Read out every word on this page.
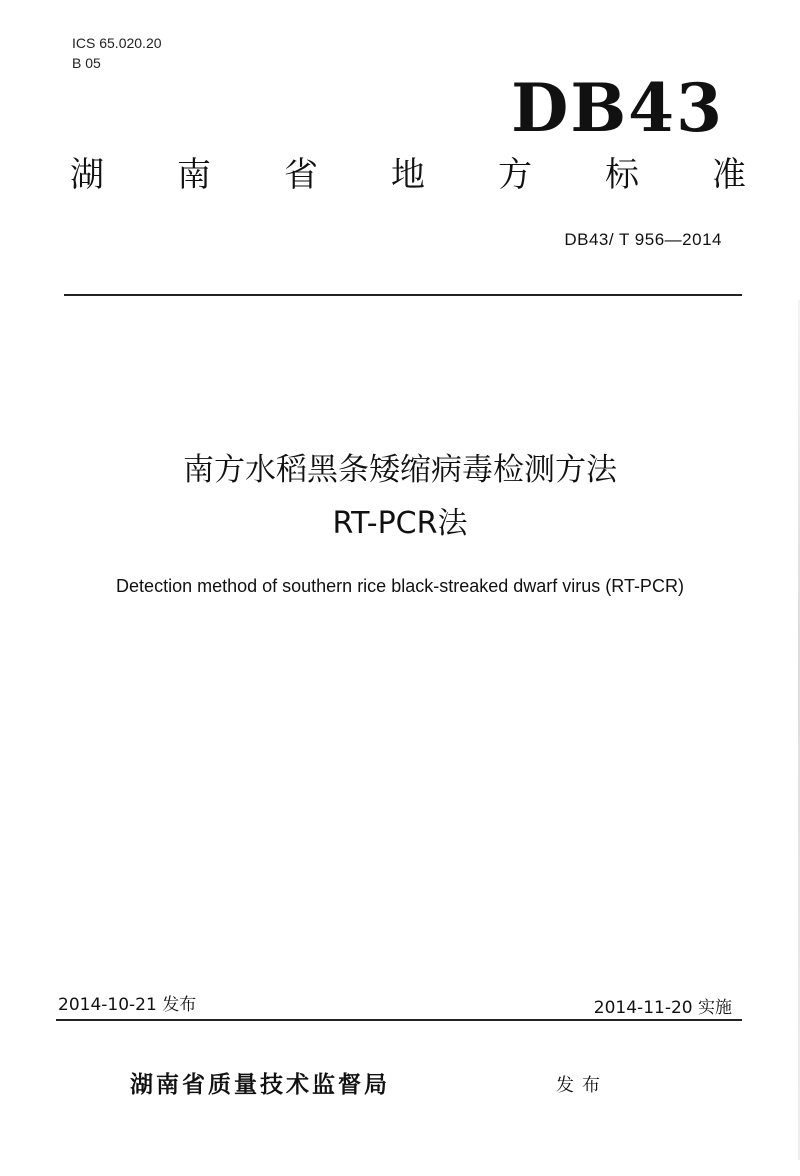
ICS 65.020.20
B 05
DB43
湖 南 省 地 方 标 准
DB43/ T 956—2014
南方水稻黑条矮缩病毒检测方法
RT-PCR法
Detection method of southern rice black-streaked dwarf virus (RT-PCR)
2014-10-21 发布	2014-11-20 实施
湖南省质量技术监督局	发布
